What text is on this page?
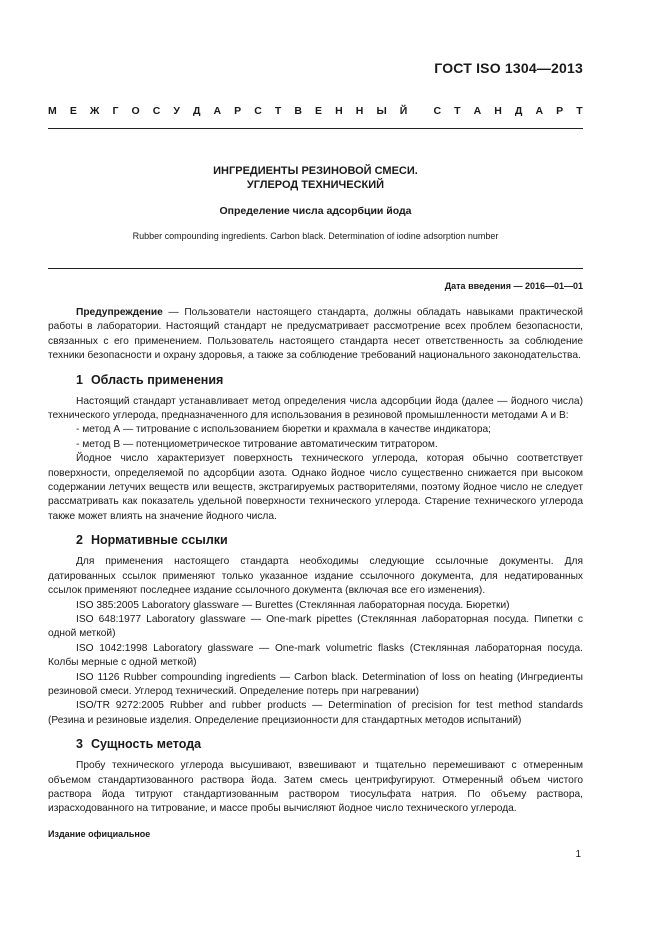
ГОСТ ISO 1304—2013
М Е Ж Г О С У Д А Р С Т В Е Н Н Ы Й С Т А Н Д А Р Т
ИНГРЕДИЕНТЫ РЕЗИНОВОЙ СМЕСИ.
УГЛЕРОД ТЕХНИЧЕСКИЙ
Определение числа адсорбции йода
Rubber compounding ingredients. Carbon black. Determination of iodine adsorption number
Дата введения — 2016—01—01

Предупреждение — Пользователи настоящего стандарта, должны обладать навыками практической работы в лаборатории. Настоящий стандарт не предусматривает рассмотрение всех проблем безопасности, связанных с его применением. Пользователь настоящего стандарта несет ответственность за соблюдение техники безопасности и охрану здоровья, а также за соблюдение требований национального законодательства.

1 Область применения

Настоящий стандарт устанавливает метод определения числа адсорбции йода (далее — йодного числа) технического углерода, предназначенного для использования в резиновой промышленности методами А и В:

- метод А — титрование с использованием бюретки и крахмала в качестве индикатора;

- метод В — потенциометрическое титрование автоматическим титратором.

Йодное число характеризует поверхность технического углерода, которая обычно соответствует поверхности, определяемой по адсорбции азота. Однако йодное число существенно снижается при высоком содержании летучих веществ или веществ, экстрагируемых растворителями, поэтому йодное число не следует рассматривать как показатель удельной поверхности технического углерода. Старение технического углерода также может влиять на значение йодного числа.

2 Нормативные ссылки

Для применения настоящего стандарта необходимы следующие ссылочные документы. Для датированных ссылок применяют только указанное издание ссылочного документа, для недатированных ссылок применяют последнее издание ссылочного документа (включая все его изменения).

ISO 385:2005 Laboratory glassware — Burettes (Стеклянная лабораторная посуда. Бюретки)

ISO 648:1977 Laboratory glassware — One-mark pipettes (Стеклянная лабораторная посуда. Пипетки с одной меткой)

ISO 1042:1998 Laboratory glassware — One-mark volumetric flasks (Стеклянная лабораторная посуда. Колбы мерные с одной меткой)

ISO 1126 Rubber compounding ingredients — Carbon black. Determination of loss on heating (Ингредиенты резиновой смеси. Углерод технический. Определение потерь при нагревании)

ISO/TR 9272:2005 Rubber and rubber products — Determination of precision for test method standards (Резина и резиновые изделия. Определение прецизионности для стандартных методов испытаний)

3 Сущность метода

Пробу технического углерода высушивают, взвешивают и тщательно перемешивают с отмеренным объемом стандартизованного раствора йода. Затем смесь центрифугируют. Отмеренный объем чистого раствора йода титруют стандартизованным раствором тиосульфата натрия. По объему раствора, израсходованного на титрование, и массе пробы вычисляют йодное число технического углерода.

Издание официальное
1
